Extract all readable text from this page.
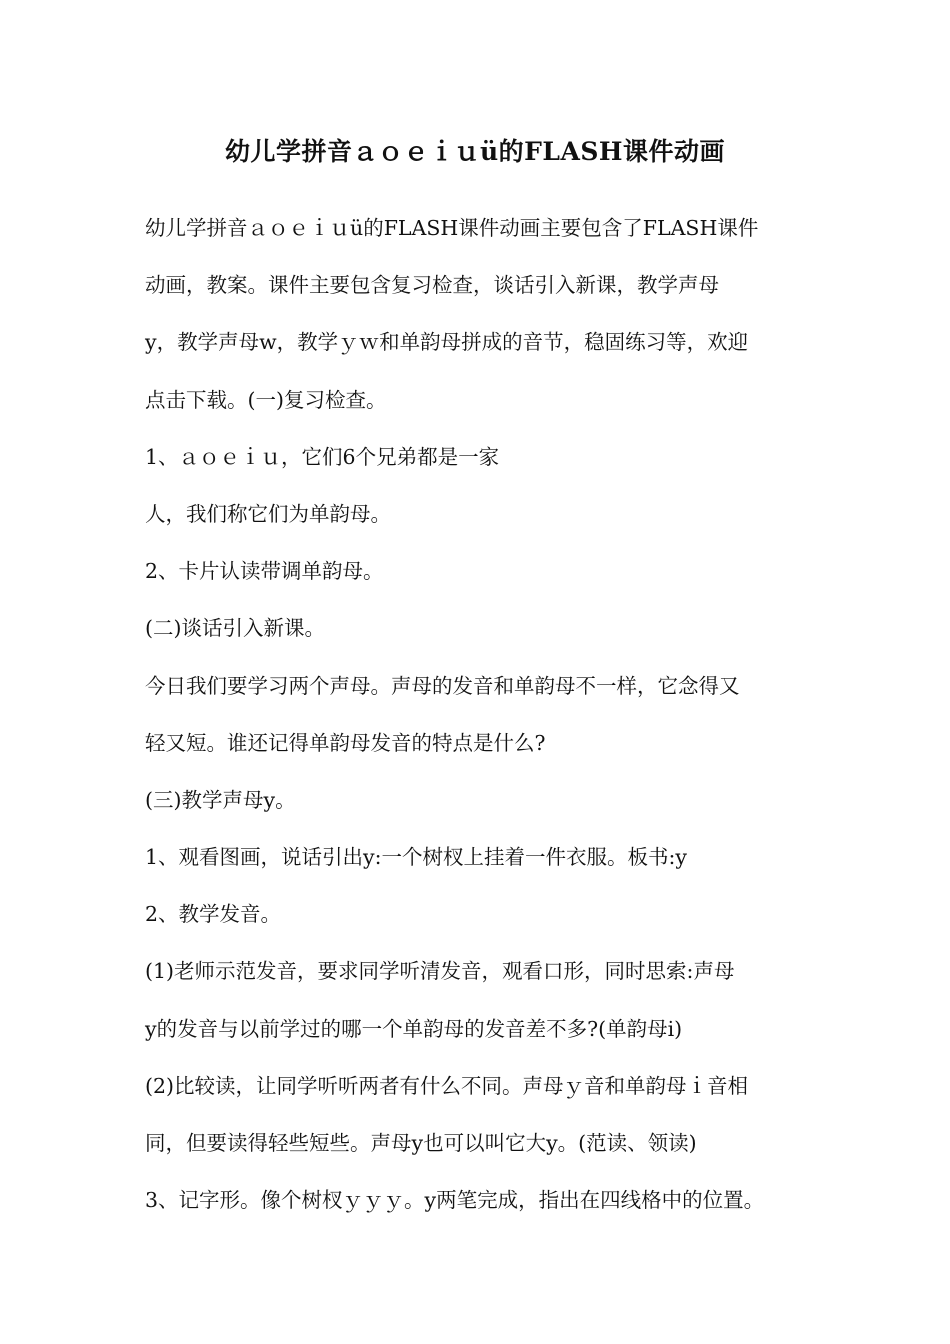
幼儿学拼音ａｏｅｉｕü的FLASH课件动画
幼儿学拼音ａｏｅｉｕü的FLASH课件动画主要包含了FLASH课件
动画，教案。课件主要包含复习检查，谈话引入新课，教学声母
y，教学声母w，教学ｙｗ和单韵母拼成的音节，稳固练习等，欢迎
点击下载。(一)复习检查。
1、ａｏｅｉｕ，它们6个兄弟都是一家
人，我们称它们为单韵母。
2、卡片认读带调单韵母。
(二)谈话引入新课。
今日我们要学习两个声母。声母的发音和单韵母不一样，它念得又
轻又短。谁还记得单韵母发音的特点是什么?
(三)教学声母y。
1、观看图画，说话引出y:一个树杈上挂着一件衣服。板书:y
2、教学发音。
(1)老师示范发音，要求同学听清发音，观看口形，同时思索:声母
y的发音与以前学过的哪一个单韵母的发音差不多?(单韵母i)
(2)比较读，让同学听听两者有什么不同。声母ｙ音和单韵母ｉ音相
同，但要读得轻些短些。声母y也可以叫它大y。(范读、领读)
3、记字形。像个树杈ｙｙｙ。y两笔完成，指出在四线格中的位置。
